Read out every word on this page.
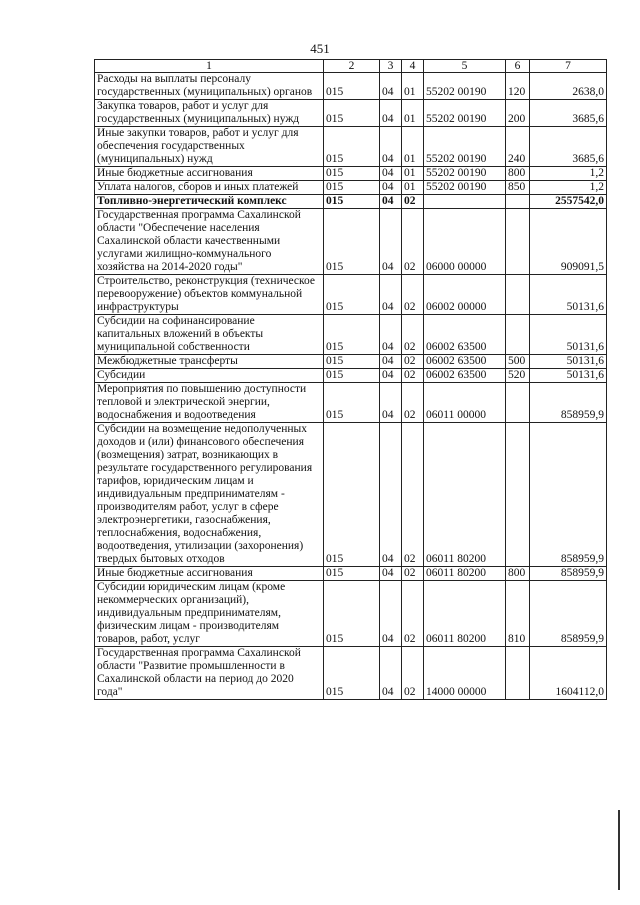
451
1	2	3	4	5	6	7
Расходы на выплаты персоналу государственных (муниципальных) органов	015	04	01	55202 00190	120	2638,0
Закупка товаров, работ и услуг для государственных (муниципальных) нужд	015	04	01	55202 00190	200	3685,6
Иные закупки товаров, работ и услуг для обеспечения государственных (муниципальных) нужд	015	04	01	55202 00190	240	3685,6
Иные бюджетные ассигнования	015	04	01	55202 00190	800	1,2
Уплата налогов, сборов и иных платежей	015	04	01	55202 00190	850	1,2
Топливно-энергетический комплекс	015	04	02			2557542,0
Государственная программа Сахалинской области "Обеспечение населения Сахалинской области качественными услугами жилищно-коммунального хозяйства на 2014-2020 годы"	015	04	02	06000 00000		909091,5
Строительство, реконструкция (техническое перевооружение) объектов коммунальной инфраструктуры	015	04	02	06002 00000		50131,6
Субсидии на софинансирование капитальных вложений в объекты муниципальной собственности	015	04	02	06002 63500		50131,6
Межбюджетные трансферты	015	04	02	06002 63500	500	50131,6
Субсидии	015	04	02	06002 63500	520	50131,6
Мероприятия по повышению доступности тепловой и электрической энергии, водоснабжения и водоотведения	015	04	02	06011 00000		858959,9
Субсидии на возмещение недополученных доходов и (или) финансового обеспечения (возмещения) затрат, возникающих в результате государственного регулирования тарифов, юридическим лицам и индивидуальным предпринимателям - производителям работ, услуг в сфере электроэнергетики, газоснабжения, теплоснабжения, водоснабжения, водоотведения, утилизации (захоронения) твердых бытовых отходов	015	04	02	06011 80200		858959,9
Иные бюджетные ассигнования	015	04	02	06011 80200	800	858959,9
Субсидии юридическим лицам (кроме некоммерческих организаций), индивидуальным предпринимателям, физическим лицам - производителям товаров, работ, услуг	015	04	02	06011 80200	810	858959,9
Государственная программа Сахалинской области "Развитие промышленности в Сахалинской области на период до 2020 года"	015	04	02	14000 00000		1604112,0
